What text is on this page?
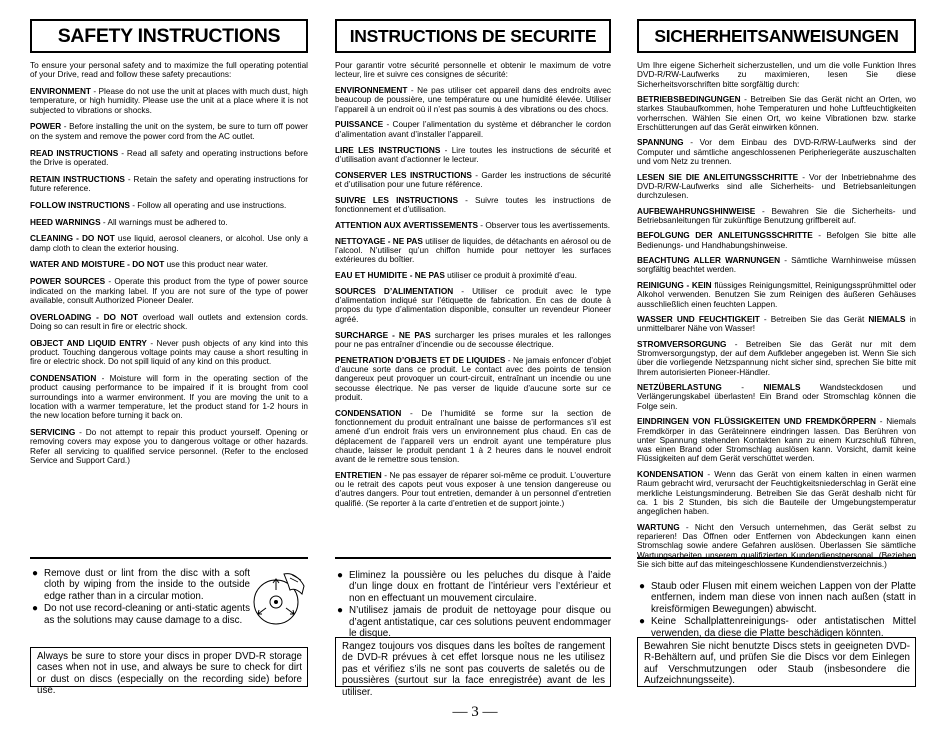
SAFETY INSTRUCTIONS

To ensure your personal safety and to maximize the full operating potential of your Drive, read and follow these safety precautions:

ENVIRONMENT - Please do not use the unit at places with much dust, high temperature, or high humidity. Please use the unit at a place where it is not subjected to vibrations or shocks.

POWER - Before installing the unit on the system, be sure to turn off power on the system and remove the power cord from the AC outlet.

READ INSTRUCTIONS - Read all safety and operating instructions before the Drive is operated.

RETAIN INSTRUCTIONS - Retain the safety and operating instructions for future reference.

FOLLOW INSTRUCTIONS - Follow all operating and use instructions.

HEED WARNINGS - All warnings must be adhered to.

CLEANING - DO NOT use liquid, aerosol cleaners, or alcohol. Use only a damp cloth to clean the exterior housing.

WATER AND MOISTURE - DO NOT use this product near water.

POWER SOURCES - Operate this product from the type of power source indicated on the marking label. If you are not sure of the type of power available, consult Authorized Pioneer Dealer.

OVERLOADING - DO NOT overload wall outlets and extension cords. Doing so can result in fire or electric shock.

OBJECT AND LIQUID ENTRY - Never push objects of any kind into this product. Touching dangerous voltage points may cause a short resulting in fire or electric shock. Do not spill liquid of any kind on this product.

CONDENSATION - Moisture will form in the operating section of the product causing performance to be impaired if it is brought from cool surroundings into a warmer environment. If you are moving the unit to a location with a warmer temperature, let the product stand for 1-2 hours in the new location before turning it back on.

SERVICING - Do not attempt to repair this product yourself. Opening or removing covers may expose you to dangerous voltage or other hazards. Refer all servicing to qualified service personnel. (Refer to the enclosed Service and Support Card.)

● Remove dust or lint from the disc with a soft cloth by wiping from the inside to the outside edge rather than in a circular motion.
● Do not use record-cleaning or anti-static agents as the solutions may cause damage to a disc.
Always be sure to store your discs in proper DVD-R storage cases when not in use, and always be sure to check for dirt or dust on discs (especially on the recording side) before use.
INSTRUCTIONS DE SECURITE

Pour garantir votre sécurité personnelle et obtenir le maximum de votre lecteur, lire et suivre ces consignes de sécurité:

ENVIRONNEMENT - Ne pas utiliser cet appareil dans des endroits avec beaucoup de poussière, une température ou une humidité élevée. Utiliser l’appareil à un endroit où il n’est pas soumis à des vibrations ou des chocs.

PUISSANCE - Couper l’alimentation du système et débrancher le cordon d’alimentation avant d’installer l’appareil.

LIRE LES INSTRUCTIONS - Lire toutes les instructions de sécurité et d’utilisation avant d’actionner le lecteur.

CONSERVER LES INSTRUCTIONS - Garder les instructions de sécurité et d’utilisation pour une future référence.

SUIVRE LES INSTRUCTIONS - Suivre toutes les instructions de fonctionnement et d’utilisation.

ATTENTION AUX AVERTISSEMENTS - Observer tous les avertissements.

NETTOYAGE - NE PAS utiliser de liquides, de détachants en aérosol ou de l’alcool. N’utiliser qu’un chiffon humide pour nettoyer les surfaces extérieures du boîtier.

EAU ET HUMIDITE - NE PAS utiliser ce produit à proximité d’eau.

SOURCES D’ALIMENTATION - Utiliser ce produit avec le type d’alimentation indiqué sur l’étiquette de fabrication. En cas de doute à propos du type d’alimentation disponible, consulter un revendeur Pioneer agréé.

SURCHARGE - NE PAS surcharger les prises murales et les rallonges pour ne pas entraîner d’incendie ou de secousse électrique.

PENETRATION D’OBJETS ET DE LIQUIDES - Ne jamais enfoncer d’objet d’aucune sorte dans ce produit. Le contact avec des points de tension dangereux peut provoquer un court-circuit, entraînant un incendie ou une secousse électrique. Ne pas verser de liquide d’aucune sorte sur ce produit.

CONDENSATION - De l’humidité se forme sur la section de fonctionnement du produit entraînant une baisse de performances s’il est amené d’un endroit frais vers un environnement plus chaud. En cas de déplacement de l’appareil vers un endroit ayant une température plus chaude, laisser le produit pendant 1 à 2 heures dans le nouvel endroit avant de le remettre sous tension.

ENTRETIEN - Ne pas essayer de réparer soi-même ce produit. L’ouverture ou le retrait des capots peut vous exposer à une tension dangereuse ou d’autres dangers. Pour tout entretien, demander à un personnel d’entretien qualifié. (Se reporter à la carte d’entretien et de support jointe.)

● Eliminez la poussière ou les peluches du disque à l’aide d’un linge doux en frottant de l’intérieur vers l’extérieur et non en effectuant un mouvement circulaire.
● N’utilisez jamais de produit de nettoyage pour disque ou d’agent antistatique, car ces solutions peuvent endommager le disque.
Rangez toujours vos disques dans les boîtes de rangement de DVD-R prévues à cet effet lorsque nous ne les utilisez pas et vérifiez s’ils ne sont pas couverts de saletés ou de poussières (surtout sur la face enregistrée) avant de les utiliser.
SICHERHEITSANWEISUNGEN

Um Ihre eigene Sicherheit sicherzustellen, und um die volle Funktion Ihres DVD-R/RW-Laufwerks zu maximieren, lesen Sie diese Sicherheitsvorschriften bitte sorgfältig durch:

BETRIEBSBEDINGUNGEN - Betreiben Sie das Gerät nicht an Orten, wo starkes Staubaufkommen, hohe Temperaturen und hohe Luftfeuchtigkeiten vorherrschen. Wählen Sie einen Ort, wo keine Vibrationen bzw. starke Erschütterungen auf das Gerät einwirken können.

SPANNUNG - Vor dem Einbau des DVD-R/RW-Laufwerks sind der Computer und sämtliche angeschlossenen Peripheriegeräte auszuschalten und vom Netz zu trennen.

LESEN SIE DIE ANLEITUNGSSCHRITTE - Vor der Inbetriebnahme des DVD-R/RW-Laufwerks sind alle Sicherheits- und Betriebsanleitungen durchzulesen.

AUFBEWAHRUNGSHINWEISE - Bewahren Sie die Sicherheits- und Betriebsanleitungen für zukünftige Benutzung griffbereit auf.

BEFOLGUNG DER ANLEITUNGSSCHRITTE - Befolgen Sie bitte alle Bedienungs- und Handhabungshinweise.

BEACHTUNG ALLER WARNUNGEN - Sämtliche Warnhinweise müssen sorgfältig beachtet werden.

REINIGUNG - KEIN flüssiges Reinigungsmittel, Reinigungssprühmittel oder Alkohol verwenden. Benutzen Sie zum Reinigen des äußeren Gehäuses ausschließlich einen feuchten Lappen.

WASSER UND FEUCHTIGKEIT - Betreiben Sie das Gerät NIEMALS in unmittelbarer Nähe von Wasser!

STROMVERSORGUNG - Betreiben Sie das Gerät nur mit dem Stromversorgungstyp, der auf dem Aufkleber angegeben ist. Wenn Sie sich über die vorliegende Netzspannung nicht sicher sind, sprechen Sie bitte mit Ihrem autorisierten Pioneer-Händler.

NETZÜBERLASTUNG - NIEMALS Wandsteckdosen und Verlängerungskabel überlasten! Ein Brand oder Stromschlag können die Folge sein.

EINDRINGEN VON FLÜSSIGKEITEN UND FREMDKÖRPERN - Niemals Fremdkörper in das Geräteinnere eindringen lassen. Das Berühren von unter Spannung stehenden Kontakten kann zu einem Kurzschluß führen, was einen Brand oder Stromschlag auslösen kann. Vorsicht, damit keine Flüssigkeiten auf dem Gerät verschüttet werden.

KONDENSATION - Wenn das Gerät von einem kalten in einen warmen Raum gebracht wird, verursacht der Feuchtigkeitsniederschlag in Gerät eine merkliche Leistungsminderung. Betreiben Sie das Gerät deshalb nicht für ca. 1 bis 2 Stunden, bis sich die Bauteile der Umgebungstemperatur angeglichen haben.

WARTUNG - Nicht den Versuch unternehmen, das Gerät selbst zu reparieren! Das Öffnen oder Entfernen von Abdeckungen kann einen Stromschlag sowie andere Gefahren auslösen. Überlassen Sie sämtliche Wartungsarbeiten unserem qualifizierten Kundendienstpersonal. (Beziehen Sie sich bitte auf das miteingeschlossene Kundendienstverzeichnis.)

● Staub oder Flusen mit einem weichen Lappen von der Platte entfernen, indem man diese von innen nach außen (statt in kreisförmigen Bewegungen) abwischt.
● Keine Schallplattenreinigungs- oder antistatischen Mittel verwenden, da diese die Platte beschädigen könnten.
Bewahren Sie nicht benutzte Discs stets in geeigneten DVD-R-Behältern auf, und prüfen Sie die Discs vor dem Einlegen auf Verschmutzungen oder Staub (insbesondere die Aufzeichnungsseite).
— 3 —
